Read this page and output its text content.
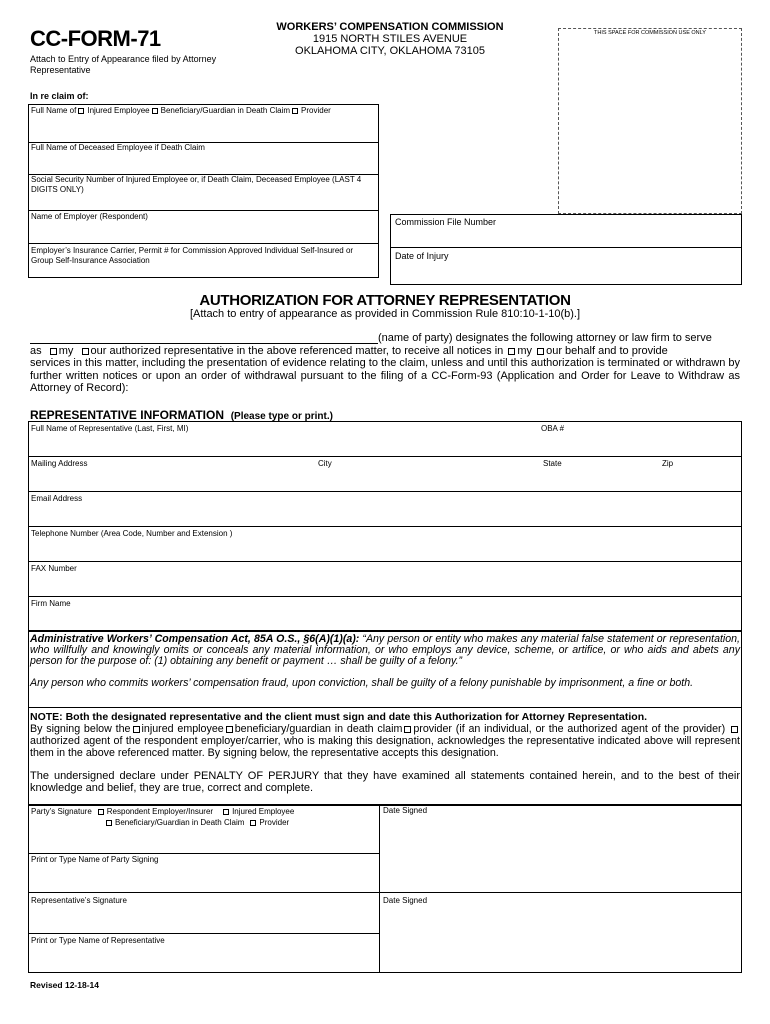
CC-FORM-71
Attach to Entry of Appearance filed by Attorney Representative
WORKERS’ COMPENSATION COMMISSION
1915 NORTH STILES AVENUE
OKLAHOMA CITY, OKLAHOMA 73105
THIS SPACE FOR COMMISSION USE ONLY
In re claim of:
Full Name of Injured Employee Beneficiary/Guardian in Death Claim Provider
Full Name of Deceased Employee if Death Claim
Social Security Number of Injured Employee or, if Death Claim, Deceased Employee (LAST 4 DIGITS ONLY)
Name of Employer (Respondent)
Employer’s Insurance Carrier, Permit # for Commission Approved Individual Self-Insured or Group Self-Insurance Association
Commission File Number
Date of Injury
AUTHORIZATION FOR ATTORNEY REPRESENTATION
[Attach to entry of appearance as provided in Commission Rule 810:10-1-10(b).]
(name of party) designates the following attorney or law firm to serve
as my our authorized representative in the above referenced matter, to receive all notices in my our behalf and to provide
services in this matter, including the presentation of evidence relating to the claim, unless and until this authorization is terminated or withdrawn by further written notices or upon an order of withdrawal pursuant to the filing of a CC-Form-93 (Application and Order for Leave to Withdraw as Attorney of Record):
REPRESENTATIVE INFORMATION (Please type or print.)
Full Name of Representative (Last, First, MI)	OBA #
Mailing Address	City	State	Zip
Email Address
Telephone Number (Area Code, Number and Extension )
FAX Number
Firm Name
Administrative Workers’ Compensation Act, 85A O.S., §6(A)(1)(a): “Any person or entity who makes any material false statement or representation, who willfully and knowingly omits or conceals any material information, or who employs any device, scheme, or artifice, or who aids and abets any person for the purpose of: (1) obtaining any benefit or payment … shall be guilty of a felony.”
Any person who commits workers’ compensation fraud, upon conviction, shall be guilty of a felony punishable by imprisonment, a fine or both.
NOTE: Both the designated representative and the client must sign and date this Authorization for Attorney Representation.
By signing below the injured employee beneficiary/guardian in death claim provider (if an individual, or the authorized agent of the provider) authorized agent of the respondent employer/carrier, who is making this designation, acknowledges the representative indicated above will represent them in the above referenced matter. By signing below, the representative accepts this designation.
The undersigned declare under PENALTY OF PERJURY that they have examined all statements contained herein, and to the best of their knowledge and belief, they are true, correct and complete.
Party’s Signature Respondent Employer/Insurer Injured Employee
Beneficiary/Guardian in Death Claim Provider
Date Signed
Print or Type Name of Party Signing
Representative’s Signature	Date Signed
Print or Type Name of Representative
Revised 12-18-14
